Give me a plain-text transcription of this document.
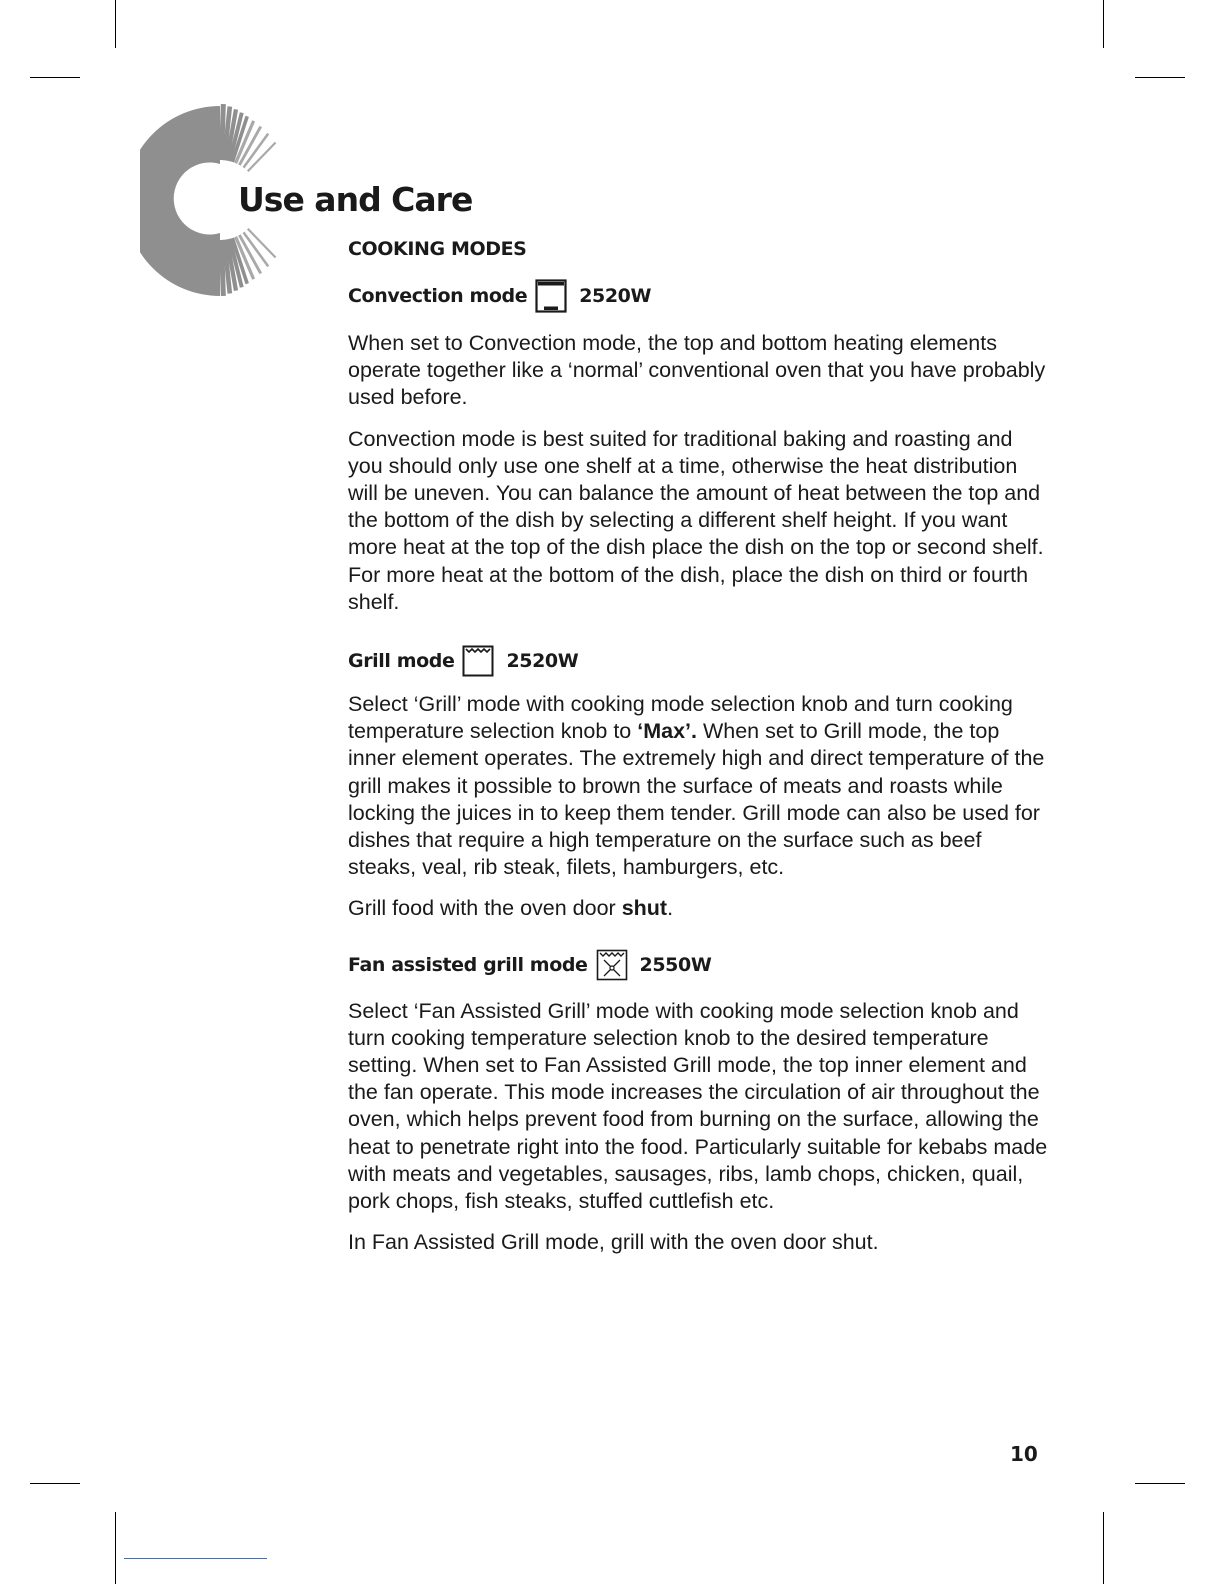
Use and Care
COOKING MODES
Convection mode	2520W

When set to Convection mode, the top and bottom heating elements operate together like a ‘normal’ conventional oven that you have probably used before.

Convection mode is best suited for traditional baking and roasting and you should only use one shelf at a time, otherwise the heat distribution will be uneven. You can balance the amount of heat between the top and the bottom of the dish by selecting a different shelf height. If you want more heat at the top of the dish place the dish on the top or second shelf. For more heat at the bottom of the dish, place the dish on third or fourth shelf.

Grill mode	2520W

Select ‘Grill’ mode with cooking mode selection knob and turn cooking temperature selection knob to ‘Max’. When set to Grill mode, the top inner element operates. The extremely high and direct temperature of the grill makes it possible to brown the surface of meats and roasts while locking the juices in to keep them tender. Grill mode can also be used for dishes that require a high temperature on the surface such as beef steaks, veal, rib steak, filets, hamburgers, etc.

Grill food with the oven door shut.

Fan assisted grill mode	2550W

Select ‘Fan Assisted Grill’ mode with cooking mode selection knob and turn cooking temperature selection knob to the desired temperature setting. When set to Fan Assisted Grill mode, the top inner element and the fan operate. This mode increases the circulation of air throughout the oven, which helps prevent food from burning on the surface, allowing the heat to penetrate right into the food. Particularly suitable for kebabs made with meats and vegetables, sausages, ribs, lamb chops, chicken, quail, pork chops, fish steaks, stuffed cuttlefish etc.

In Fan Assisted Grill mode, grill with the oven door shut.

10
